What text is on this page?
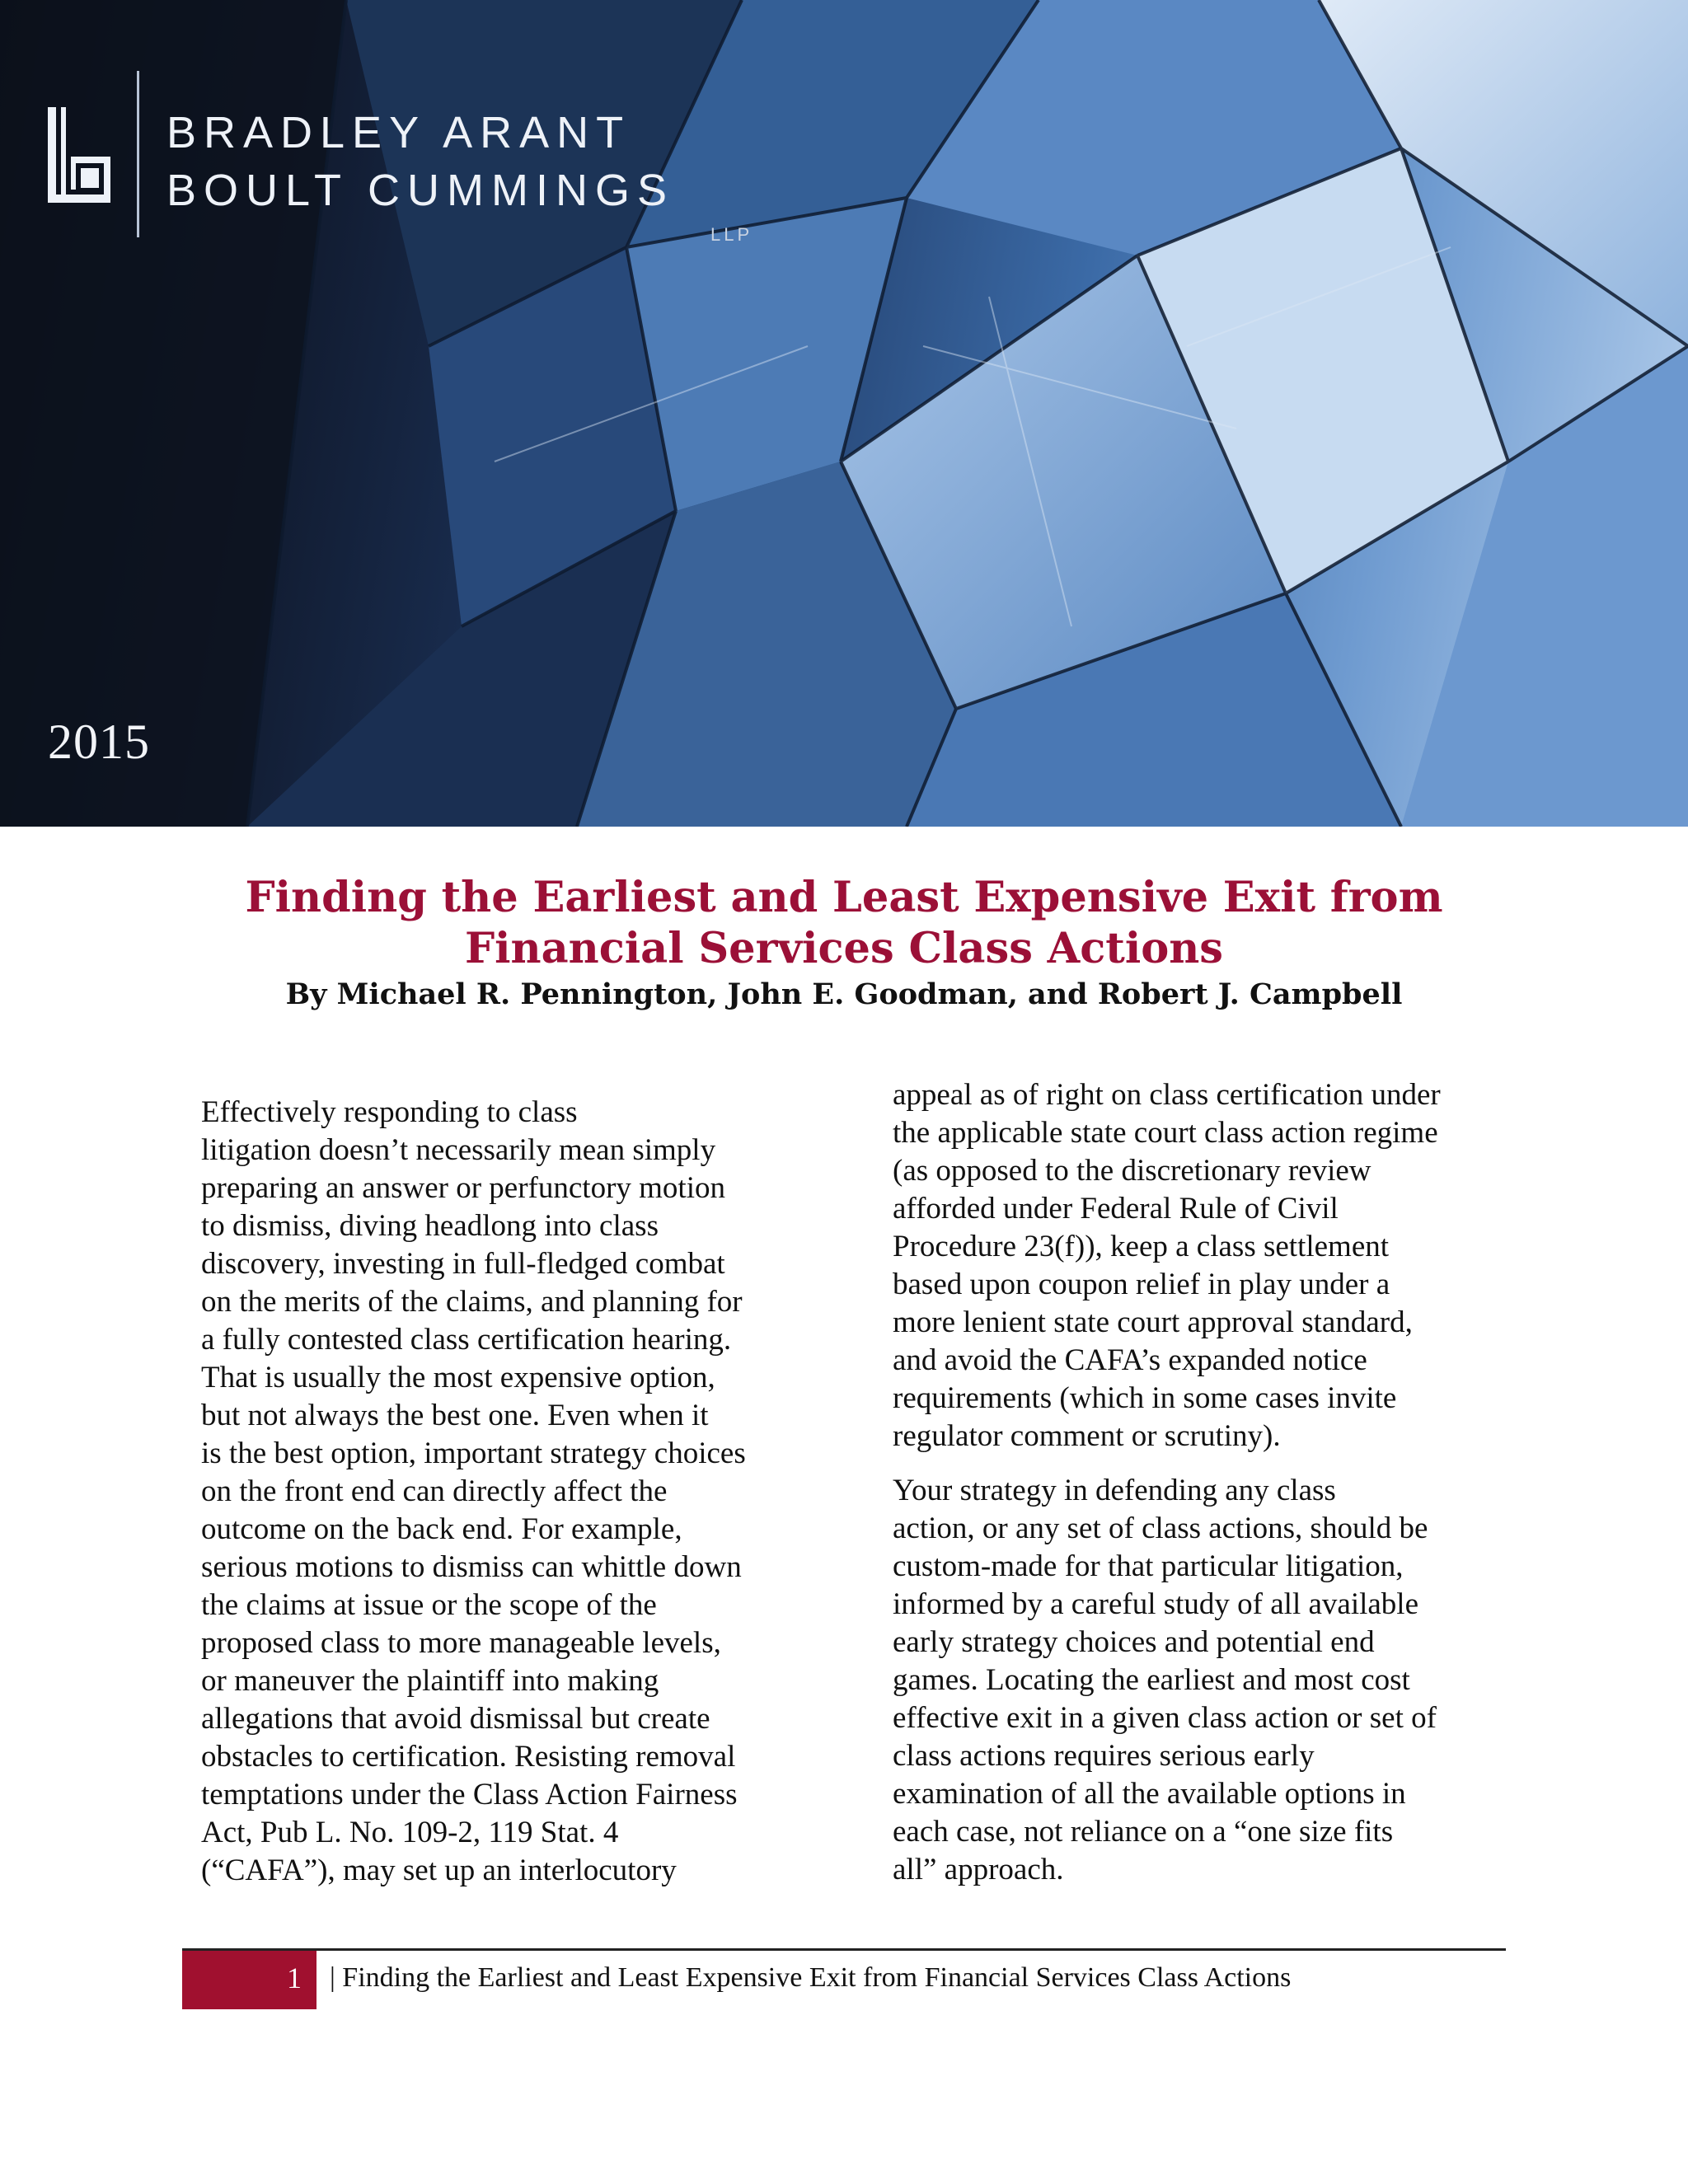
BRADLEY ARANT
BOULT CUMMINGS
LLP
2015
Finding the Earliest and Least Expensive Exit from
Financial Services Class Actions

By Michael R. Pennington, John E. Goodman, and Robert J. Campbell

Effectively responding to class
litigation doesn’t necessarily mean simply
preparing an answer or perfunctory motion
to dismiss, diving headlong into class
discovery, investing in full-fledged combat
on the merits of the claims, and planning for
a fully contested class certification hearing.
That is usually the most expensive option,
but not always the best one. Even when it
is the best option, important strategy choices
on the front end can directly affect the
outcome on the back end. For example,
serious motions to dismiss can whittle down
the claims at issue or the scope of the
proposed class to more manageable levels,
or maneuver the plaintiff into making
allegations that avoid dismissal but create
obstacles to certification. Resisting removal
temptations under the Class Action Fairness
Act, Pub L. No. 109-2, 119 Stat. 4
(“CAFA”), may set up an interlocutory

appeal as of right on class certification under
the applicable state court class action regime
(as opposed to the discretionary review
afforded under Federal Rule of Civil
Procedure 23(f)), keep a class settlement
based upon coupon relief in play under a
more lenient state court approval standard,
and avoid the CAFA’s expanded notice
requirements (which in some cases invite
regulator comment or scrutiny).

Your strategy in defending any class
action, or any set of class actions, should be
custom-made for that particular litigation,
informed by a careful study of all available
early strategy choices and potential end
games. Locating the earliest and most cost
effective exit in a given class action or set of
class actions requires serious early
examination of all the available options in
each case, not reliance on a “one size fits
all” approach.

1 | Finding the Earliest and Least Expensive Exit from Financial Services Class Actions
